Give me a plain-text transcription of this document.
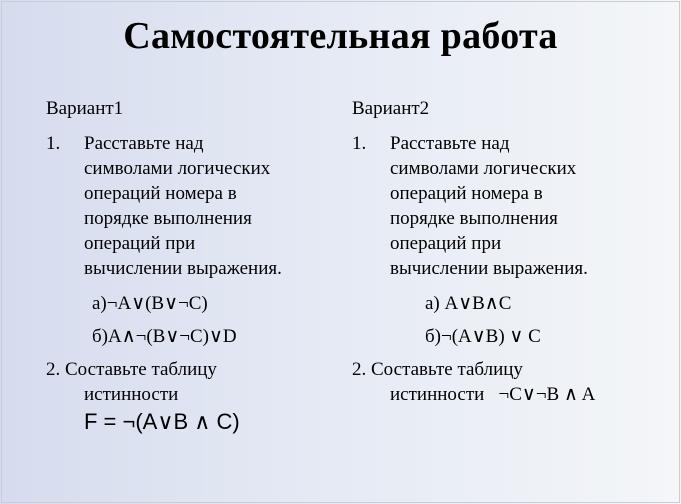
Самостоятельная работа
Вариант1
1. Расставьте над
символами логических
операций номера в
порядке выполнения
операций при
вычислении выражения.
а)¬A∨(B∨¬C)
б)A∧¬(B∨¬C)∨D
2. Составьте таблицу
истинности
F = ¬(A∨B ∧ C)
Вариант2
1. Расставьте над
символами логических
операций номера в
порядке выполнения
операций при
вычислении выражения.
а) A∨B∧C
б)¬(A∨B) ∨ C
2. Составьте таблицу
истинности   ¬C∨¬B ∧ A
